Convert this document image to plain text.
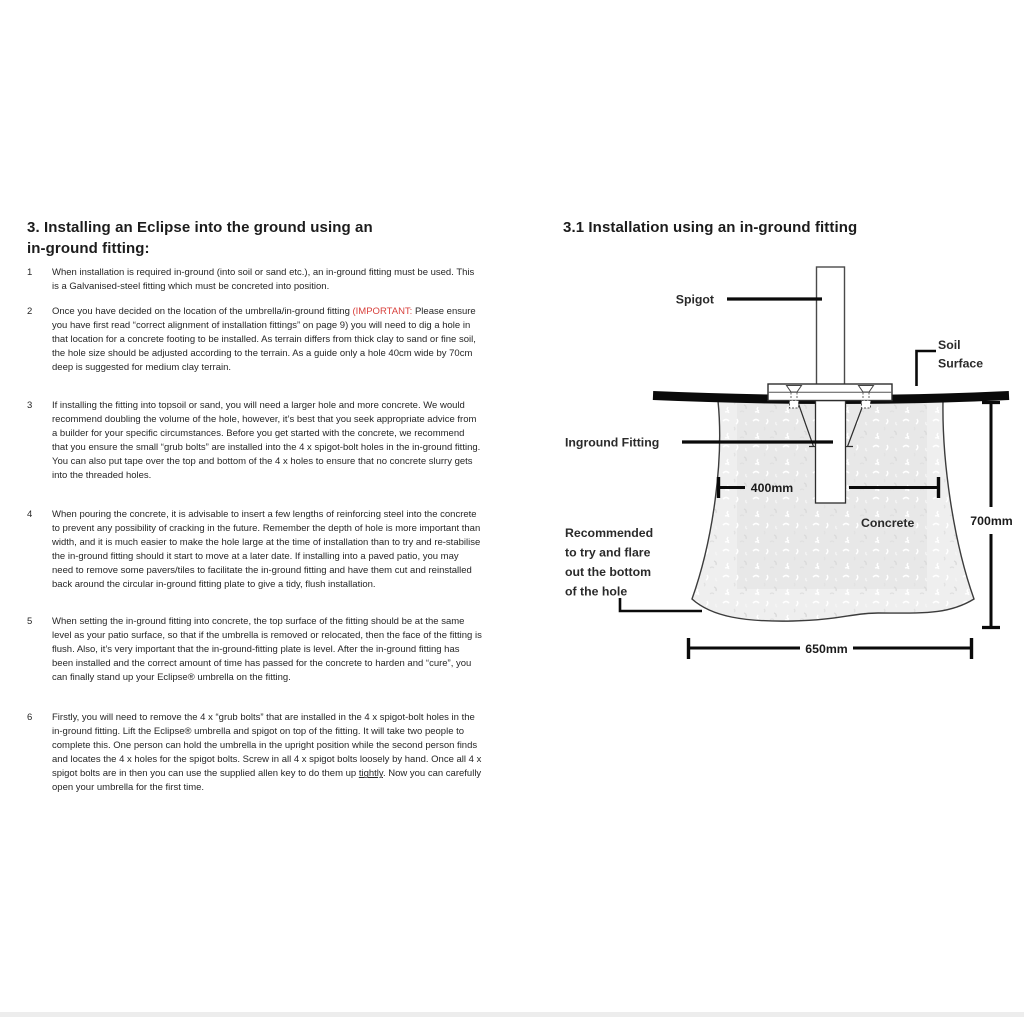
3. Installing an Eclipse into the ground using an
in-ground fitting:
1 When installation is required in-ground (into soil or sand etc.), an in-ground fitting must be used. This is a Galvanised-steel fitting which must be concreted into position.

2 Once you have decided on the location of the umbrella/in-ground fitting (IMPORTANT: Please ensure you have first read “correct alignment of installation fittings” on page 9) you will need to dig a hole in that location for a concrete footing to be installed. As terrain differs from thick clay to sand or fine soil, the hole size should be adjusted according to the terrain. As a guide only a hole 40cm wide by 70cm deep is suggested for medium clay terrain.

3 If installing the fitting into topsoil or sand, you will need a larger hole and more concrete. We would recommend doubling the volume of the hole, however, it’s best that you seek appropriate advice from a builder for your specific circumstances. Before you get started with the concrete, we recommend that you ensure the small “grub bolts” are installed into the 4 x spigot-bolt holes in the in-ground fitting. You can also put tape over the top and bottom of the 4 x holes to ensure that no concrete slurry gets into the threaded holes.

4 When pouring the concrete, it is advisable to insert a few lengths of reinforcing steel into the concrete to prevent any possibility of cracking in the future. Remember the depth of hole is more important than width, and it is much easier to make the hole large at the time of installation than to try and re-stabilise the in-ground fitting should it start to move at a later date. If installing into a paved patio, you may need to remove some pavers/tiles to facilitate the in-ground fitting and have them cut and reinstalled back around the circular in-ground fitting plate to give a tidy, flush installation.

5 When setting the in-ground fitting into concrete, the top surface of the fitting should be at the same level as your patio surface, so that if the umbrella is removed or relocated, then the face of the fitting is flush. Also, it’s very important that the in-ground-fitting plate is level. After the in-ground fitting has been installed and the correct amount of time has passed for the concrete to harden and “cure”, you can finally stand up your Eclipse® umbrella on the fitting.

6 Firstly, you will need to remove the 4 x “grub bolts” that are installed in the 4 x spigot-bolt holes in the in-ground fitting. Lift the Eclipse® umbrella and spigot on top of the fitting. It will take two people to complete this. One person can hold the umbrella in the upright position while the second person finds and locates the 4 x holes for the spigot bolts. Screw in all 4 x spigot bolts loosely by hand. Once all 4 x spigot bolts are in then you can use the supplied allen key to do them up tightly. Now you can carefully open your umbrella for the first time.

3.1 Installation using an in-ground fitting
Spigot
Soil
Surface
Inground Fitting
Concrete
Recommended
to try and flare
out the bottom
of the hole
400mm
700mm
650mm
